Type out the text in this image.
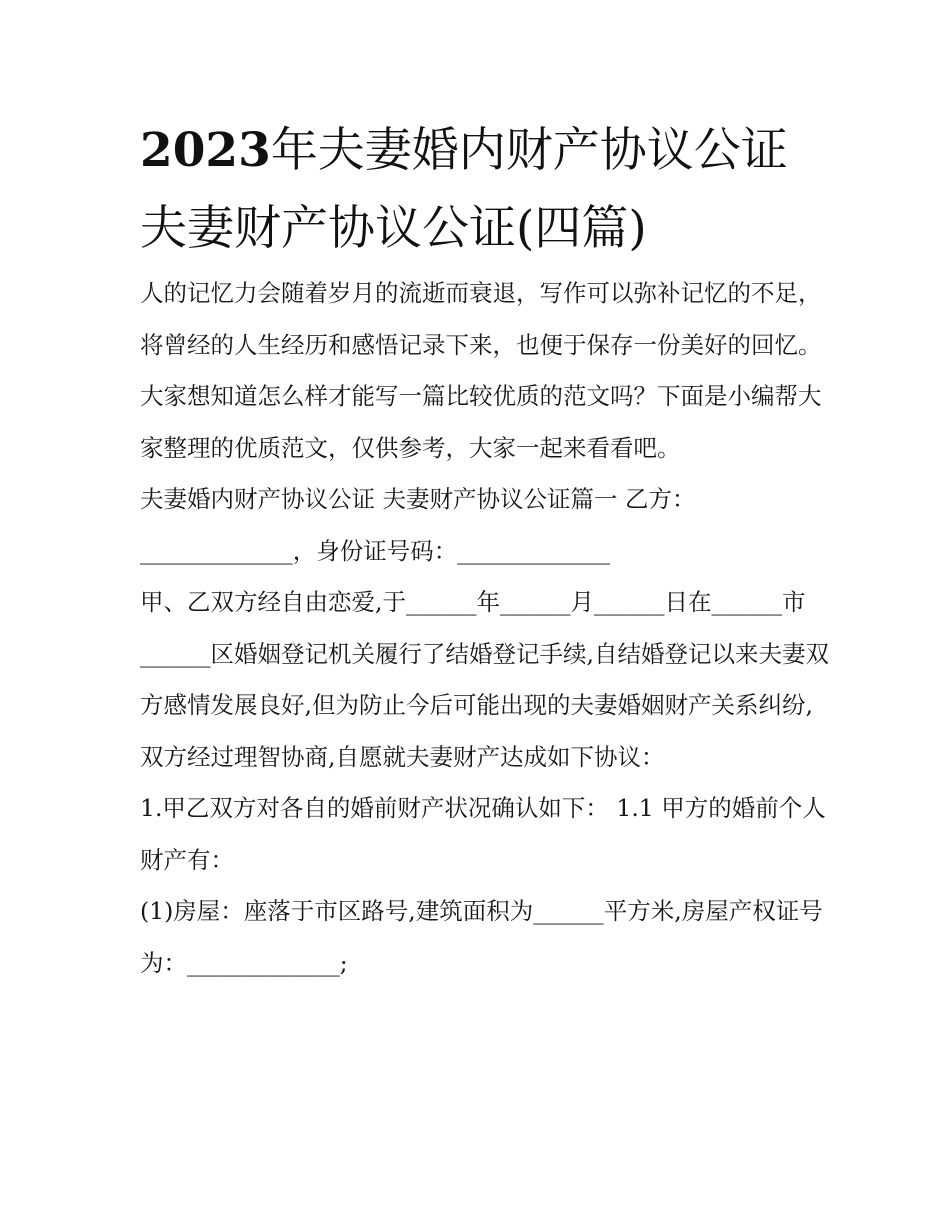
2023年夫妻婚内财产协议公证
夫妻财产协议公证(四篇)

人的记忆力会随着岁月的流逝而衰退，写作可以弥补记忆的不足，将曾经的人生经历和感悟记录下来，也便于保存一份美好的回忆。大家想知道怎么样才能写一篇比较优质的范文吗？下面是小编帮大家整理的优质范文，仅供参考，大家一起来看看吧。

夫妻婚内财产协议公证 夫妻财产协议公证篇一 乙方：

_____________，身份证号码：_____________

甲、乙双方经自由恋爱,于______年______月______日在______市______区婚姻登记机关履行了结婚登记手续,自结婚登记以来夫妻双方感情发展良好,但为防止今后可能出现的夫妻婚姻财产关系纠纷,双方经过理智协商,自愿就夫妻财产达成如下协议：

1.甲乙双方对各自的婚前财产状况确认如下： 1.1 甲方的婚前个人财产有：

(1)房屋：座落于市区路号,建筑面积为______平方米,房屋产权证号为：_____________;
